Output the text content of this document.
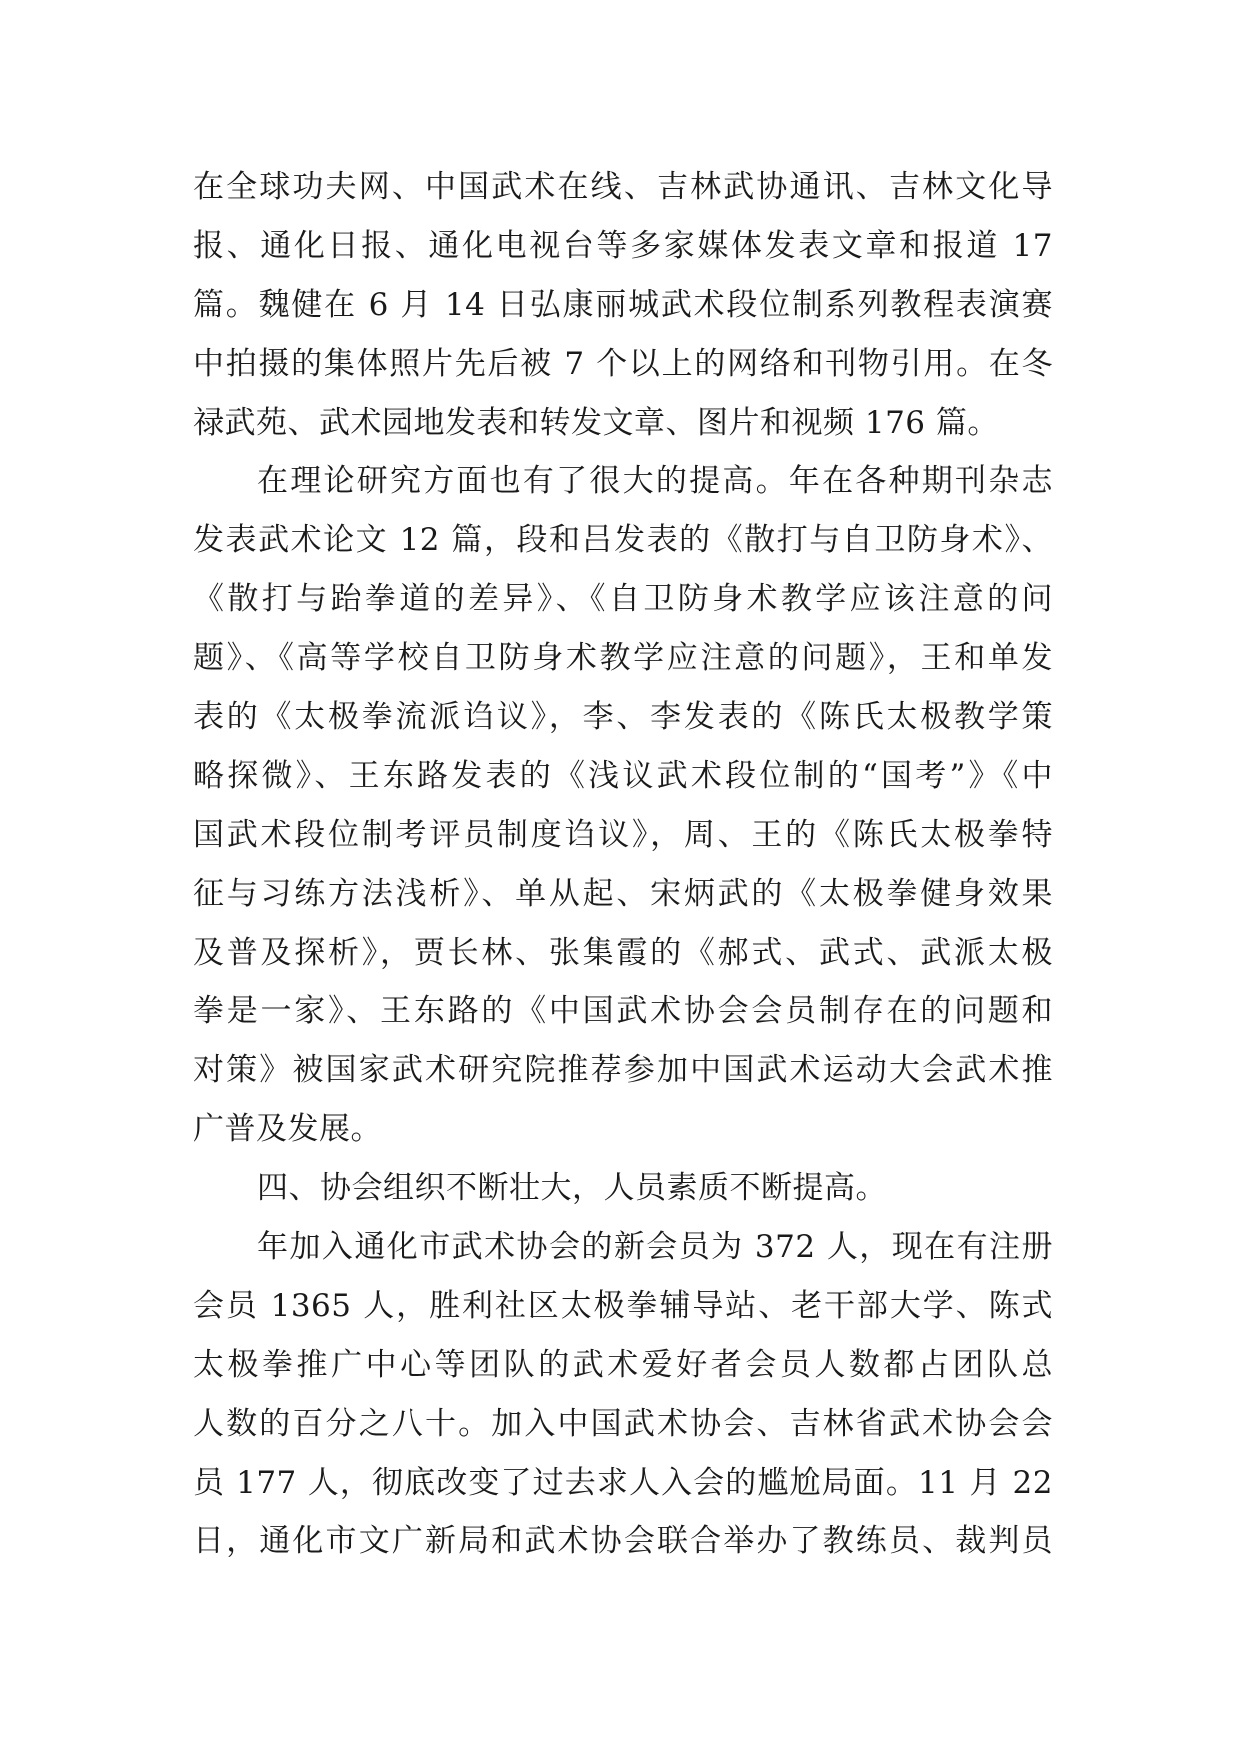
在全球功夫网、中国武术在线、吉林武协通讯、吉林文化导
报、通化日报、通化电视台等多家媒体发表文章和报道 17
篇。魏健在 6 月 14 日弘康丽城武术段位制系列教程表演赛
中拍摄的集体照片先后被 7 个以上的网络和刊物引用。在冬
禄武苑、武术园地发表和转发文章、图片和视频 176 篇。
在理论研究方面也有了很大的提高。年在各种期刊杂志
发表武术论文 12 篇，段和吕发表的《散打与自卫防身术》、
《散打与跆拳道的差异》、《自卫防身术教学应该注意的问
题》、《高等学校自卫防身术教学应注意的问题》，王和单发
表的《太极拳流派诌议》，李、李发表的《陈氏太极教学策
略探微》、王东路发表的《浅议武术段位制的“国考”》《中
国武术段位制考评员制度诌议》，周、王的《陈氏太极拳特
征与习练方法浅析》、单从起、宋炳武的《太极拳健身效果
及普及探析》，贾长林、张集霞的《郝式、武式、武派太极
拳是一家》、王东路的《中国武术协会会员制存在的问题和
对策》被国家武术研究院推荐参加中国武术运动大会武术推
广普及发展。
四、协会组织不断壮大，人员素质不断提高。
年加入通化市武术协会的新会员为 372 人，现在有注册
会员 1365 人，胜利社区太极拳辅导站、老干部大学、陈式
太极拳推广中心等团队的武术爱好者会员人数都占团队总
人数的百分之八十。加入中国武术协会、吉林省武术协会会
员 177 人，彻底改变了过去求人入会的尴尬局面。11 月 22
日，通化市文广新局和武术协会联合举办了教练员、裁判员
